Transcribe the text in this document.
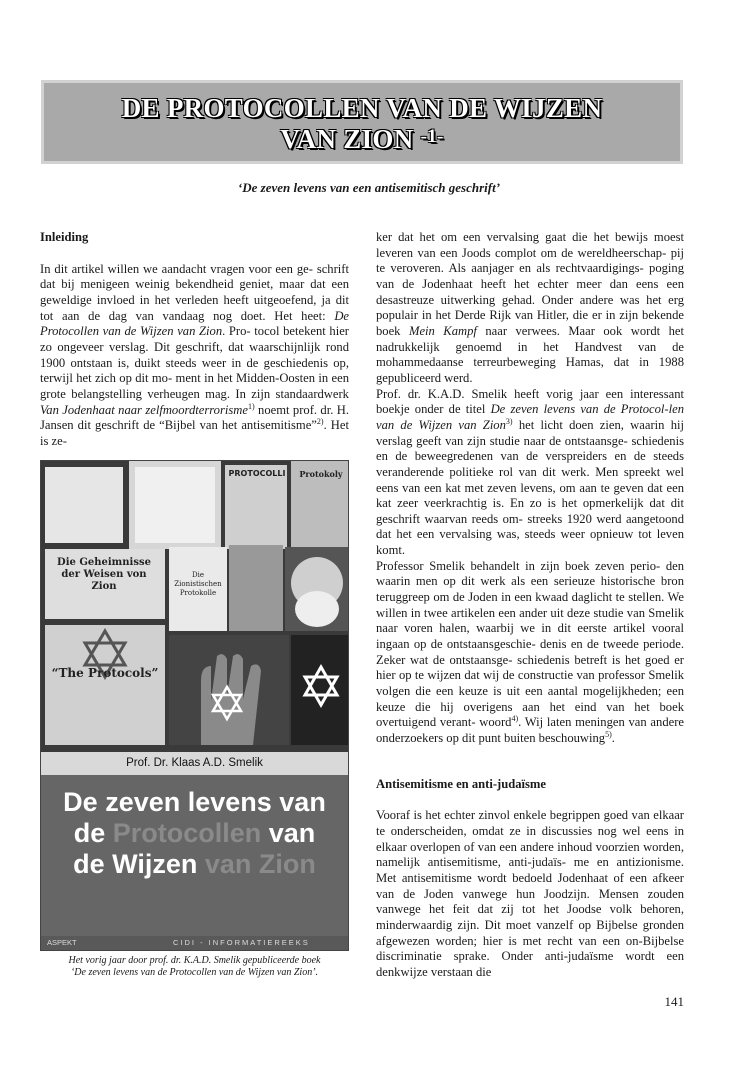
DE PROTOCOLLEN VAN DE WIJZEN
VAN ZION $^{-1-}$
‘De zeven levens van een antisemitisch geschrift’
Inleiding

In dit artikel willen we aandacht vragen voor een ge- schrift dat bij menigeen weinig bekendheid geniet, maar dat een geweldige invloed in het verleden heeft uitgeoefend, ja dit tot aan de dag van vandaag nog doet. Het heet: De Protocollen van de Wijzen van Zion. Pro- tocol betekent hier zo ongeveer verslag. Dit geschrift, dat waarschijnlijk rond 1900 ontstaan is, duikt steeds weer in de geschiedenis op, terwijl het zich op dit mo- ment in het Midden-Oosten in een grote belangstelling verheugen mag. In zijn standaardwerk Van Jodenhaat naar zelfmoordterrorisme$^{1)}$ noemt prof. dr. H. Jansen dit geschrift de “Bijbel van het antisemitisme”$^{2)}$. Het is ze-

Die Geheimnisse der Weisen von Zion
Die Zionistischen Protokolle
“The Protocols”
PROTOCOLLI	Protokoly
Prof. Dr. Klaas A.D. Smelik
De zeven levens van
de Protocollen van
de Wijzen van Zion
ASPEKT	CIDI - INFORMATIEREEKS
Het vorig jaar door prof. dr. K.A.D. Smelik gepubliceerde boek
‘De zeven levens van de Protocollen van de Wijzen van Zion’.

ker dat het om een vervalsing gaat die het bewijs moest leveren van een Joods complot om de wereldheerschap- pij te veroveren. Als aanjager en als rechtvaardigings- poging van de Jodenhaat heeft het echter meer dan eens een desastreuze uitwerking gehad. Onder andere was het erg populair in het Derde Rijk van Hitler, die er in zijn bekende boek Mein Kampf naar verwees. Maar ook wordt het nadrukkelijk genoemd in het Handvest van de mohammedaanse terreurbeweging Hamas, dat in 1988 gepubliceerd werd.

Prof. dr. K.A.D. Smelik heeft vorig jaar een interessant boekje onder de titel De zeven levens van de Protocol-len van de Wijzen van Zion$^{3)}$ het licht doen zien, waarin hij verslag geeft van zijn studie naar de ontstaansge- schiedenis en de beweegredenen van de verspreiders en de steeds veranderende politieke rol van dit werk. Men spreekt wel eens van een kat met zeven levens, om aan te geven dat een kat zeer veerkrachtig is. En zo is het opmerkelijk dat dit geschrift waarvan reeds om- streeks 1920 werd aangetoond dat het een vervalsing was, steeds weer opnieuw tot leven komt.

Professor Smelik behandelt in zijn boek zeven perio- den waarin men op dit werk als een serieuze historische bron teruggreep om de Joden in een kwaad daglicht te stellen. We willen in twee artikelen een ander uit deze studie van Smelik naar voren halen, waarbij we in dit eerste artikel vooral ingaan op de ontstaansgeschie- denis en de tweede periode. Zeker wat de ontstaansge- schiedenis betreft is het goed er hier op te wijzen dat wij de constructie van professor Smelik volgen die een keuze is uit een aantal mogelijkheden; een keuze die hij overigens aan het eind van het boek overtuigend verant- woord$^{4)}$. Wij laten meningen van andere onderzoekers op dit punt buiten beschouwing$^{5)}$.

Antisemitisme en anti-judaïsme

Vooraf is het echter zinvol enkele begrippen goed van elkaar te onderscheiden, omdat ze in discussies nog wel eens in elkaar overlopen of van een andere inhoud voorzien worden, namelijk antisemitisme, anti-judaïs- me en antizionisme. Met antisemitisme wordt bedoeld Jodenhaat of een afkeer van de Joden vanwege hun Joodzijn. Mensen zouden vanwege het feit dat zij tot het Joodse volk behoren, minderwaardig zijn. Dit moet vanzelf op Bijbelse gronden afgewezen worden; hier is met recht van een on-Bijbelse discriminatie sprake. Onder anti-judaïsme wordt een denkwijze verstaan die

141
